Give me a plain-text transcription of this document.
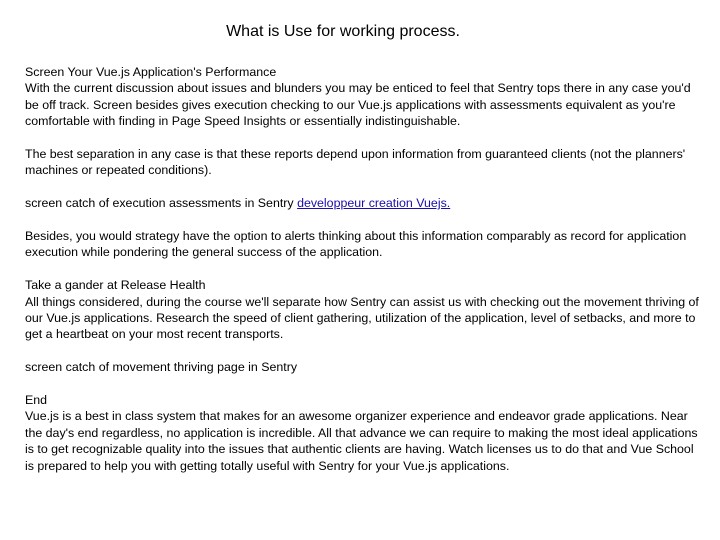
What is Use for working process.

Screen Your Vue.js Application's Performance
With the current discussion about issues and blunders you may be enticed to feel that Sentry tops there in any case you'd be off track. Screen besides gives execution checking to our Vue.js applications with assessments equivalent as you're comfortable with finding in Page Speed Insights or essentially indistinguishable.

The best separation in any case is that these reports depend upon information from guaranteed clients (not the planners' machines or repeated conditions).

screen catch of execution assessments in Sentry developpeur creation Vuejs.

Besides, you would strategy have the option to alerts thinking about this information comparably as record for application execution while pondering the general success of the application.

Take a gander at Release Health
All things considered, during the course we'll separate how Sentry can assist us with checking out the movement thriving of our Vue.js applications. Research the speed of client gathering, utilization of the application, level of setbacks, and more to get a heartbeat on your most recent transports.

screen catch of movement thriving page in Sentry

End
Vue.js is a best in class system that makes for an awesome organizer experience and endeavor grade applications. Near the day's end regardless, no application is incredible. All that advance we can require to making the most ideal applications is to get recognizable quality into the issues that authentic clients are having. Watch licenses us to do that and Vue School is prepared to help you with getting totally useful with Sentry for your Vue.js applications.
